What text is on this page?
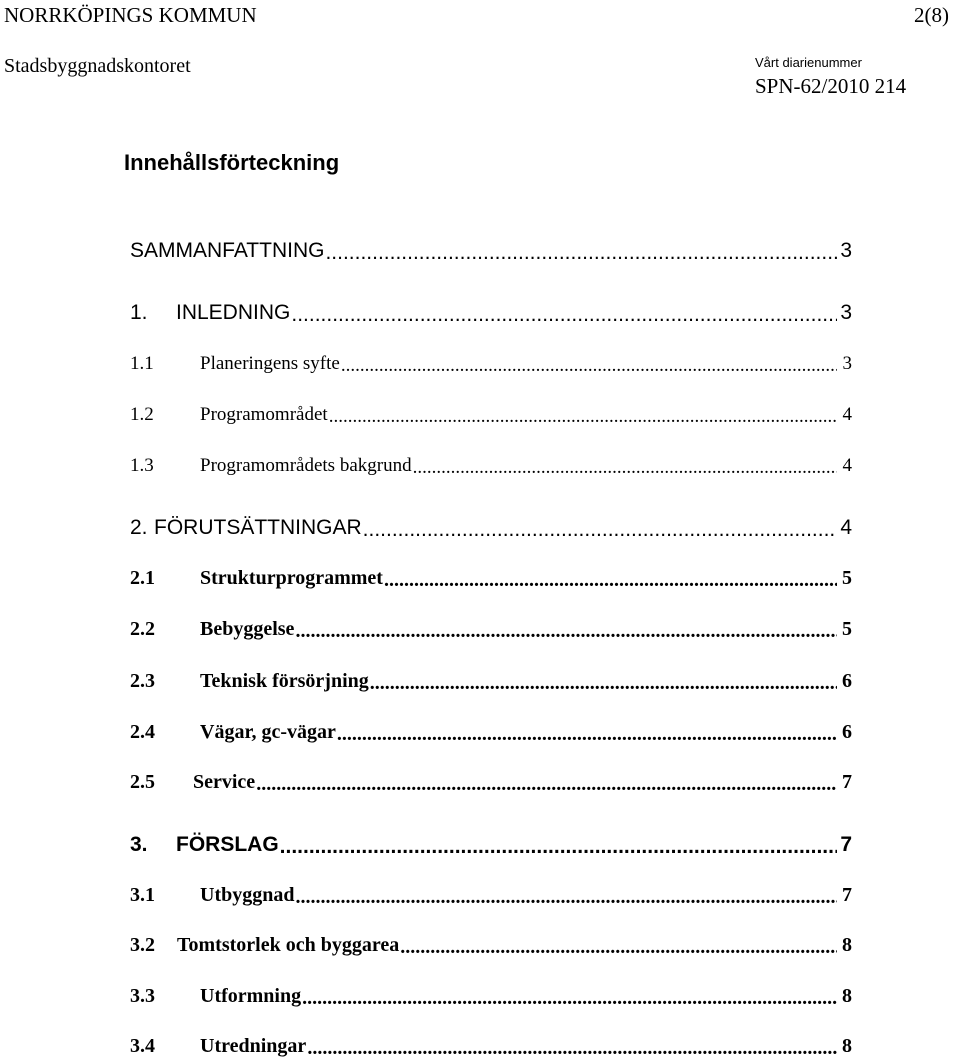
NORRKÖPINGS KOMMUN	2(8)
Stadsbyggnadskontoret	Vårt diarienummer
SPN-62/2010 214
Innehållsförteckning
SAMMANFATTNING .....	3
1.	INLEDNING .....	3
1.1	Planeringens syfte .....	3
1.2	Programområdet .....	4
1.3	Programområdets bakgrund .....	4
2. FÖRUTSÄTTNINGAR .....	4
2.1	Strukturprogrammet .....	5
2.2	Bebyggelse .....	5
2.3	Teknisk försörjning .....	6
2.4	Vägar, gc-vägar .....	6
2.5	Service .....	7
3.	FÖRSLAG .....	7
3.1	Utbyggnad .....	7
3.2	Tomtstorlek och byggarea .....	8
3.3	Utformning .....	8
3.4	Utredningar .....	8
